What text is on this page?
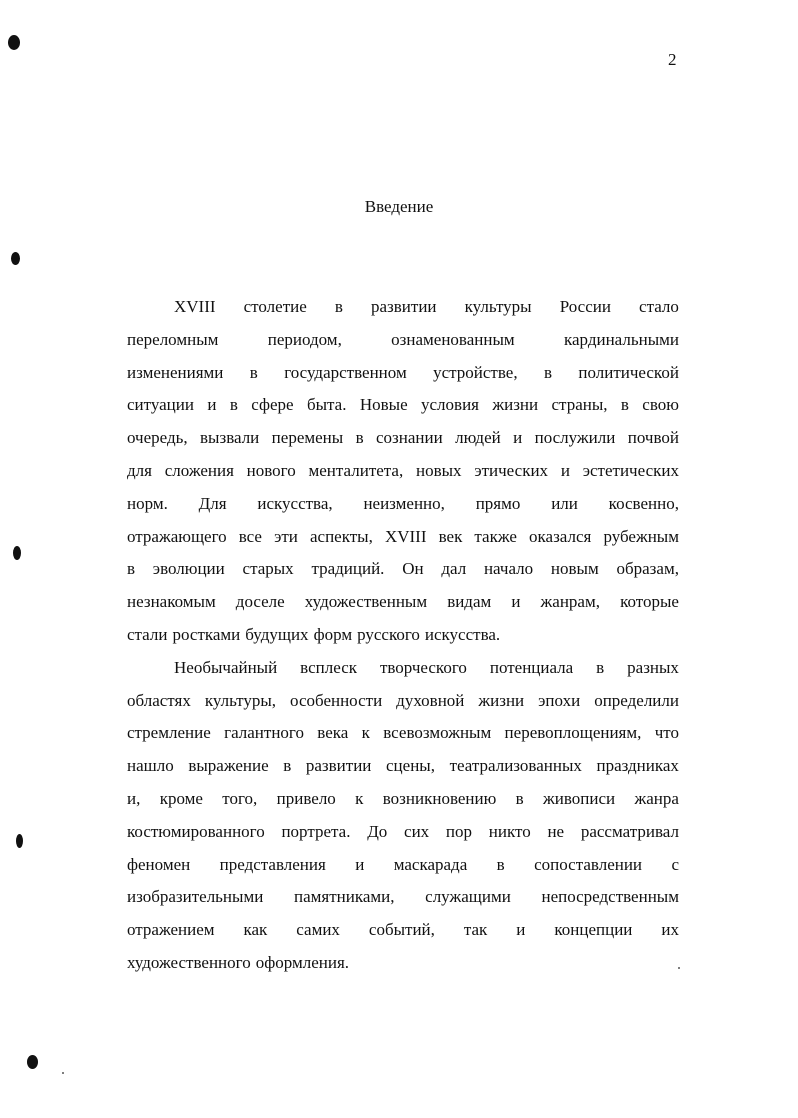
2
Введение
XVIII столетие в развитии культуры России стало
переломным	периодом,	ознаменованным	кардинальными
изменениями в государственном устройстве, в политической
ситуации и в сфере быта. Новые условия жизни страны, в свою
очередь, вызвали перемены в сознании людей и послужили почвой
для сложения нового менталитета, новых этических и эстетических
норм. Для искусства, неизменно, прямо или косвенно,
отражающего все эти аспекты, XVIII век также оказался рубежным
в эволюции старых традиций. Он дал начало новым образам,
незнакомым доселе художественным видам и жанрам, которые
стали ростками будущих форм русского искусства.
Необычайный всплеск творческого потенциала в разных
областях культуры, особенности духовной жизни эпохи определили
стремление галантного века к всевозможным перевоплощениям, что
нашло выражение в развитии сцены, театрализованных праздниках
и, кроме того, привело к возникновению в живописи жанра
костюмированного портрета. До сих пор никто не рассматривал
феномен представления и маскарада в сопоставлении с
изобразительными памятниками, служащими непосредственным
отражением как самих событий, так и концепции их
художественного оформления.
